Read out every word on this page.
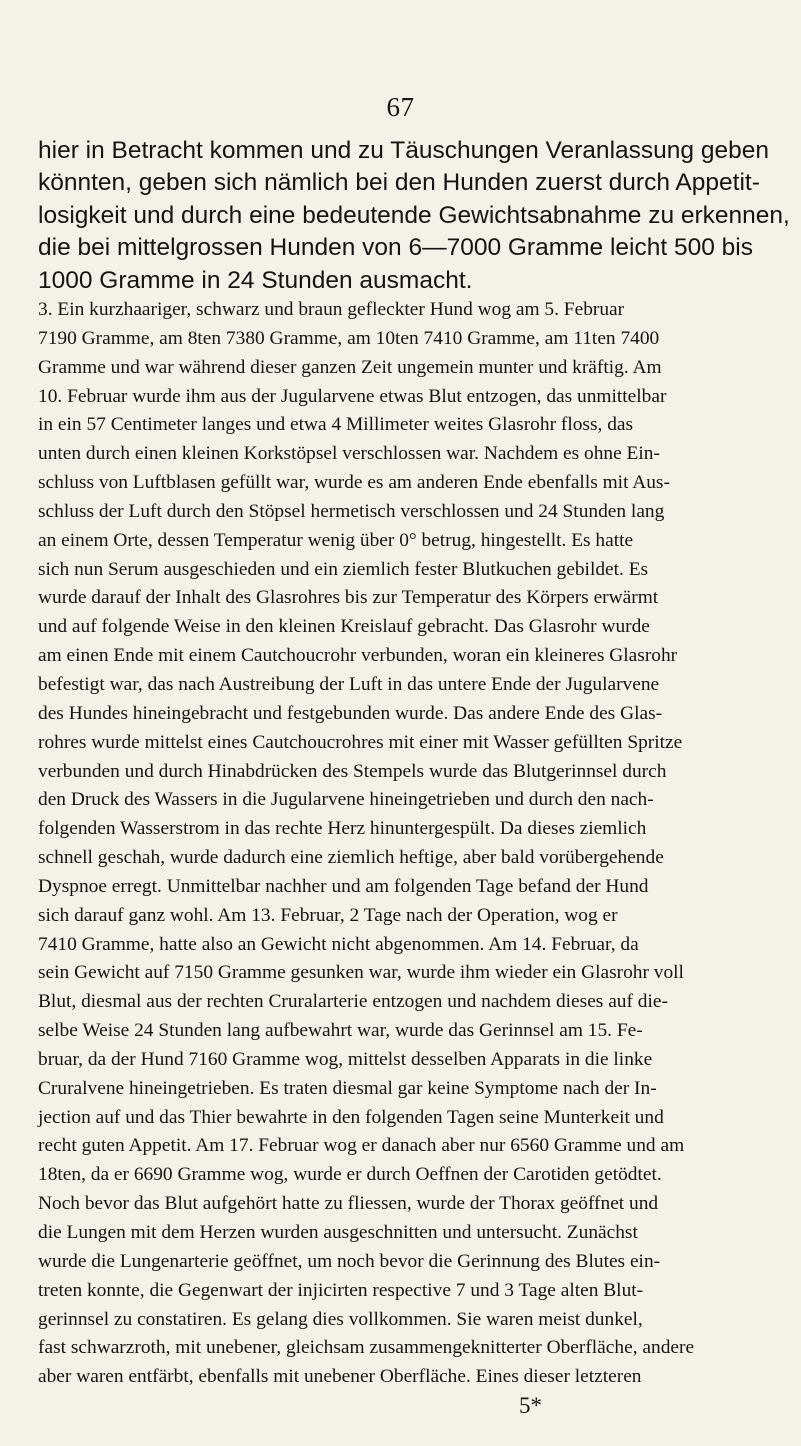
67
hier in Betracht kommen und zu Täuschungen Veranlassung geben
könnten, geben sich nämlich bei den Hunden zuerst durch Appetit-
losigkeit und durch eine bedeutende Gewichtsabnahme zu erkennen,
die bei mittelgrossen Hunden von 6—7000 Gramme leicht 500 bis
1000 Gramme in 24 Stunden ausmacht.
3. Ein kurzhaariger, schwarz und braun gefleckter Hund wog am 5. Februar
7190 Gramme, am 8ten 7380 Gramme, am 10ten 7410 Gramme, am 11ten 7400
Gramme und war während dieser ganzen Zeit ungemein munter und kräftig. Am
10. Februar wurde ihm aus der Jugularvene etwas Blut entzogen, das unmittelbar
in ein 57 Centimeter langes und etwa 4 Millimeter weites Glasrohr floss, das
unten durch einen kleinen Korkstöpsel verschlossen war. Nachdem es ohne Ein-
schluss von Luftblasen gefüllt war, wurde es am anderen Ende ebenfalls mit Aus-
schluss der Luft durch den Stöpsel hermetisch verschlossen und 24 Stunden lang
an einem Orte, dessen Temperatur wenig über 0° betrug, hingestellt. Es hatte
sich nun Serum ausgeschieden und ein ziemlich fester Blutkuchen gebildet. Es
wurde darauf der Inhalt des Glasrohres bis zur Temperatur des Körpers erwärmt
und auf folgende Weise in den kleinen Kreislauf gebracht. Das Glasrohr wurde
am einen Ende mit einem Cautchoucrohr verbunden, woran ein kleineres Glasrohr
befestigt war, das nach Austreibung der Luft in das untere Ende der Jugularvene
des Hundes hineingebracht und festgebunden wurde. Das andere Ende des Glas-
rohres wurde mittelst eines Cautchoucrohres mit einer mit Wasser gefüllten Spritze
verbunden und durch Hinabdrücken des Stempels wurde das Blutgerinnsel durch
den Druck des Wassers in die Jugularvene hineingetrieben und durch den nach-
folgenden Wasserstrom in das rechte Herz hinuntergespült. Da dieses ziemlich
schnell geschah, wurde dadurch eine ziemlich heftige, aber bald vorübergehende
Dyspnoe erregt. Unmittelbar nachher und am folgenden Tage befand der Hund
sich darauf ganz wohl. Am 13. Februar, 2 Tage nach der Operation, wog er
7410 Gramme, hatte also an Gewicht nicht abgenommen. Am 14. Februar, da
sein Gewicht auf 7150 Gramme gesunken war, wurde ihm wieder ein Glasrohr voll
Blut, diesmal aus der rechten Cruralarterie entzogen und nachdem dieses auf die-
selbe Weise 24 Stunden lang aufbewahrt war, wurde das Gerinnsel am 15. Fe-
bruar, da der Hund 7160 Gramme wog, mittelst desselben Apparats in die linke
Cruralvene hineingetrieben. Es traten diesmal gar keine Symptome nach der In-
jection auf und das Thier bewahrte in den folgenden Tagen seine Munterkeit und
recht guten Appetit. Am 17. Februar wog er danach aber nur 6560 Gramme und am
18ten, da er 6690 Gramme wog, wurde er durch Oeffnen der Carotiden getödtet.
Noch bevor das Blut aufgehört hatte zu fliessen, wurde der Thorax geöffnet und
die Lungen mit dem Herzen wurden ausgeschnitten und untersucht. Zunächst
wurde die Lungenarterie geöffnet, um noch bevor die Gerinnung des Blutes ein-
treten konnte, die Gegenwart der injicirten respective 7 und 3 Tage alten Blut-
gerinnsel zu constatiren. Es gelang dies vollkommen. Sie waren meist dunkel,
fast schwarzroth, mit unebener, gleichsam zusammengeknitterter Oberfläche, andere
aber waren entfärbt, ebenfalls mit unebener Oberfläche. Eines dieser letzteren
5*
